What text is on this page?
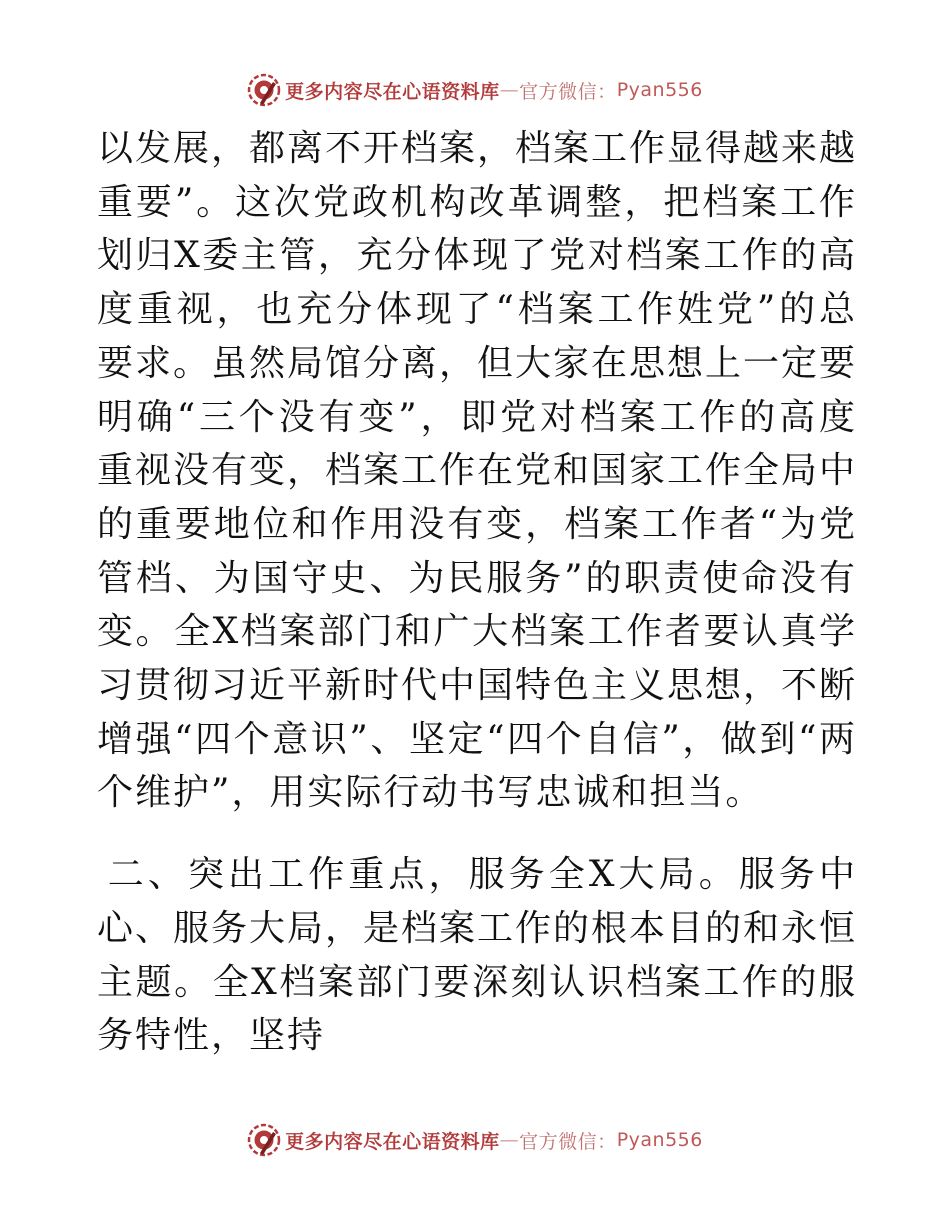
更多内容尽在心语资料库 — 官方微信： Pyan556

以发展，都离不开档案，档案工作显得越来越重要”。这次党政机构改革调整，把档案工作划归X委主管，充分体现了党对档案工作的高度重视，也充分体现了“档案工作姓党”的总要求。虽然局馆分离，但大家在思想上一定要明确“三个没有变”，即党对档案工作的高度重视没有变，档案工作在党和国家工作全局中的重要地位和作用没有变，档案工作者“为党管档、为国守史、为民服务”的职责使命没有变。全X档案部门和广大档案工作者要认真学习贯彻习近平新时代中国特色主义思想，不断增强“四个意识”、坚定“四个自信”，做到“两个维护”，用实际行动书写忠诚和担当。

二、突出工作重点，服务全X大局。服务中心、服务大局，是档案工作的根本目的和永恒主题。全X档案部门要深刻认识档案工作的服务特性，坚持

更多内容尽在心语资料库 — 官方微信： Pyan556
